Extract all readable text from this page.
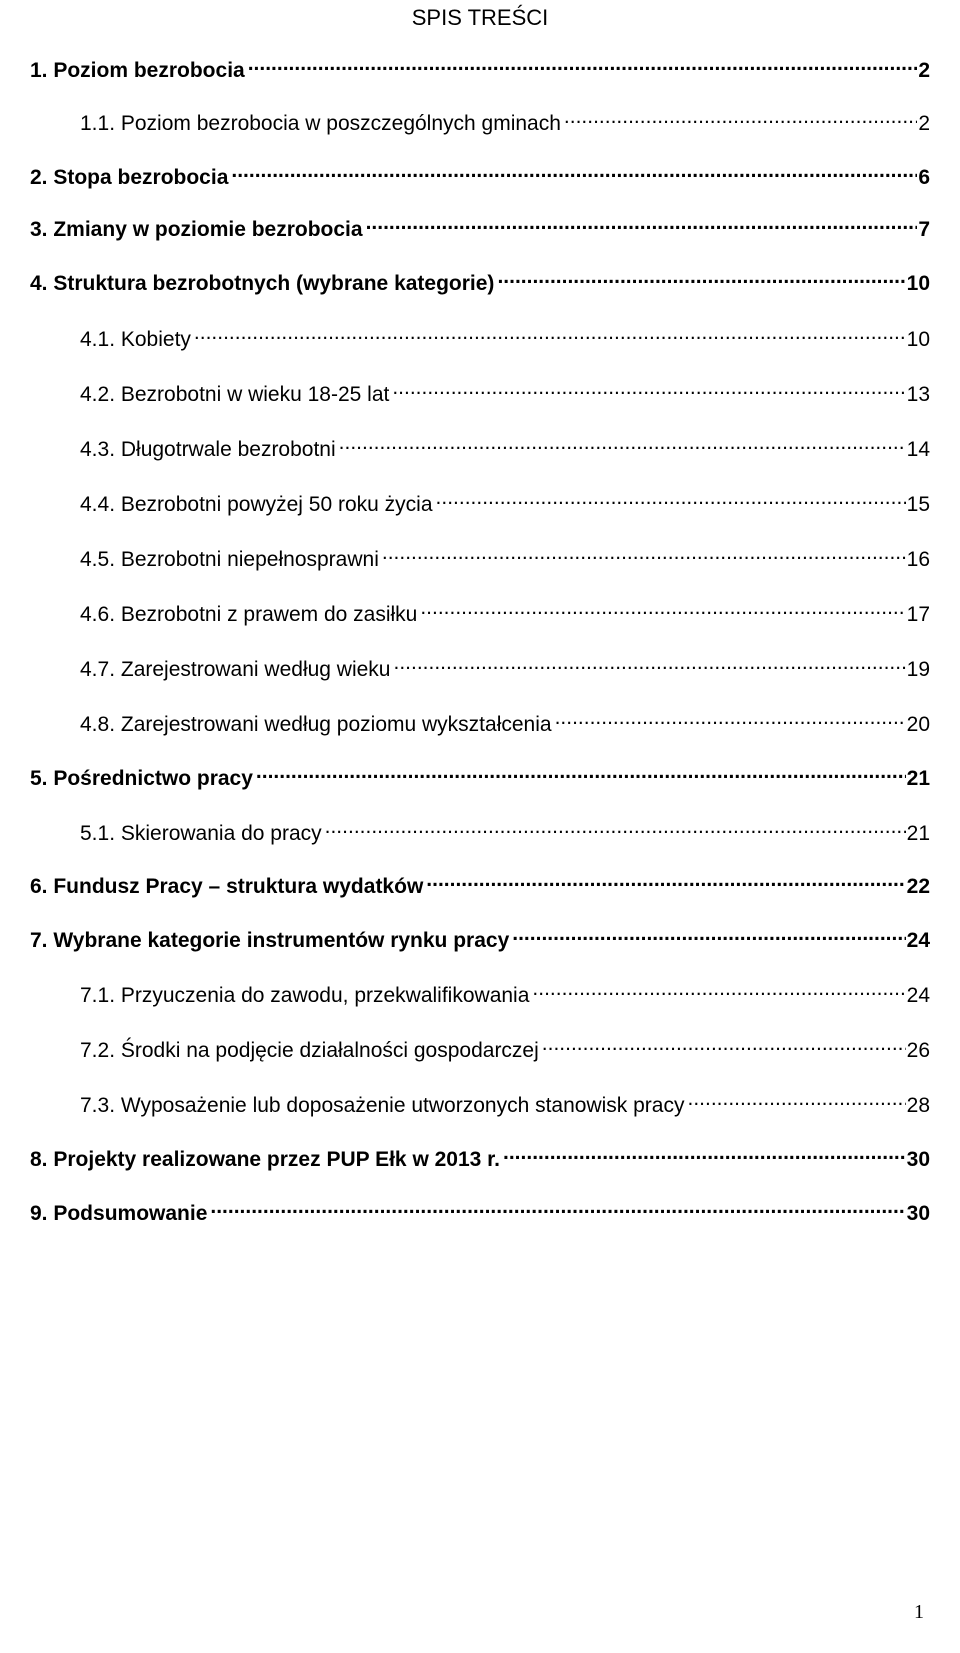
SPIS TREŚCI
1. Poziom bezrobocia .....	2
1.1. Poziom bezrobocia w poszczególnych gminach .....	2
2. Stopa bezrobocia .....	6
3. Zmiany w poziomie bezrobocia .....	7
4. Struktura bezrobotnych (wybrane kategorie) .....	10
4.1. Kobiety .....	10
4.2. Bezrobotni w wieku 18-25 lat .....	13
4.3. Długotrwale bezrobotni .....	14
4.4. Bezrobotni powyżej 50 roku życia .....	15
4.5. Bezrobotni niepełnosprawni .....	16
4.6. Bezrobotni z prawem do zasiłku .....	17
4.7. Zarejestrowani według wieku .....	19
4.8. Zarejestrowani według poziomu wykształcenia .....	20
5. Pośrednictwo pracy .....	21
5.1. Skierowania do pracy .....	21
6. Fundusz Pracy – struktura wydatków .....	22
7. Wybrane kategorie instrumentów rynku pracy .....	24
7.1. Przyuczenia do zawodu, przekwalifikowania .....	24
7.2. Środki na podjęcie działalności gospodarczej .....	26
7.3. Wyposażenie lub doposażenie utworzonych stanowisk pracy .....	28
8. Projekty realizowane przez PUP Ełk w 2013 r. .....	30
9. Podsumowanie .....	30
1
